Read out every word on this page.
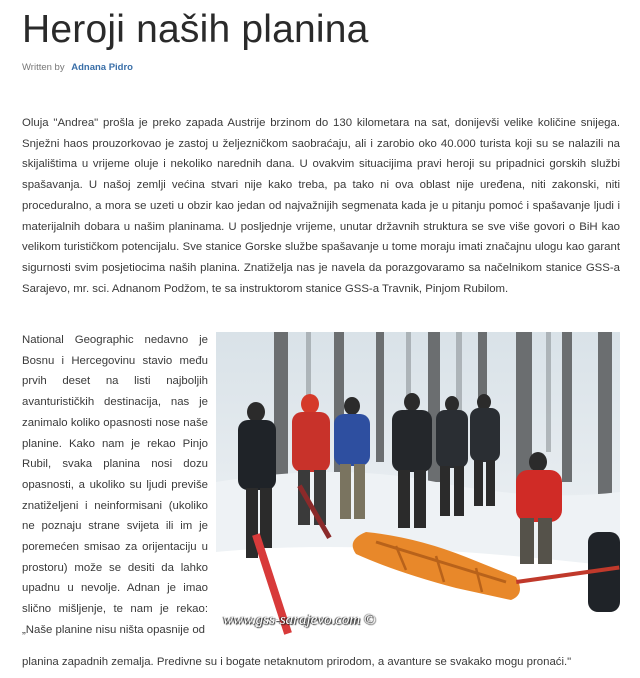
Heroji naših planina
Written by Adnana Pidro

Oluja "Andrea" prošla je preko zapada Austrije brzinom do 130 kilometara na sat, donijevši velike količine snijega. Snježni haos prouzorkovao je zastoj u željezničkom saobraćaju, ali i zarobio oko 40.000 turista koji su se nalazili na skijalištima u vrijeme oluje i nekoliko narednih dana. U ovakvim situacijima pravi heroji su pripadnici gorskih službi spašavanja. U našoj zemlji većina stvari nije kako treba, pa tako ni ova oblast nije uređena, niti zakonski, niti proceduralno, a mora se uzeti u obzir kao jedan od najvažnijih segmenata kada je u pitanju pomoć i spašavanje ljudi i materijalnih dobara u našim planinama. U posljednje vrijeme, unutar državnih struktura se sve više govori o BiH kao velikom turističkom potencijalu. Sve stanice Gorske službe spašavanje u tome moraju imati značajnu ulogu kao garant sigurnosti svim posjetiocima naših planina. Znatiželja nas je navela da porazgovaramo sa načelnikom stanice GSS-a Sarajevo, mr. sci. Adnanom Podžom, te sa instruktorom stanice GSS-a Travnik, Pinjom Rubilom.

www.gss-sarajevo.com ©
National Geographic nedavno je Bosnu i Hercegovinu stavio među prvih deset na listi najboljih avanturističkih destinacija, nas je zanimalo koliko opasnosti nose naše planine. Kako nam je rekao Pinjo Rubil, svaka planina nosi dozu opasnosti, a ukoliko su ljudi previše znatiželjeni i neinformisani (ukoliko ne poznaju strane svijeta ili im je poremećen smisao za orijentaciju u prostoru) može se desiti da lahko upadnu u nevolje. Adnan je imao slično mišljenje, te nam je rekao: „Naše planine nisu ništa opasnije od
planina zapadnih zemalja. Predivne su i bogate netaknutom prirodom, a avanture se svakako mogu pronaći."
